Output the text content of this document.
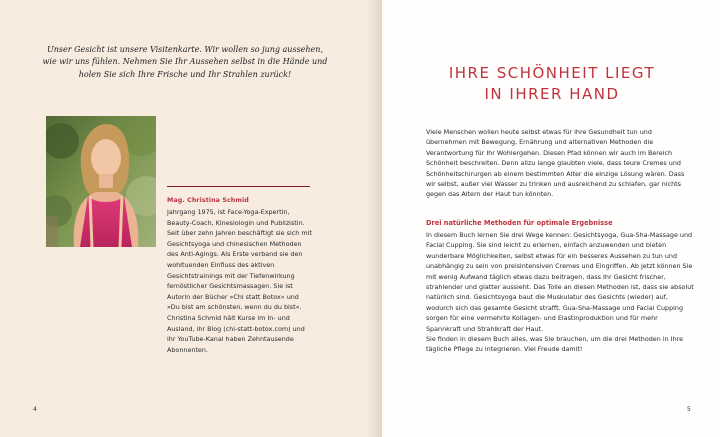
Unser Gesicht ist unsere Visitenkarte. Wir wollen so jung aussehen, wie wir uns fühlen. Nehmen Sie Ihr Aussehen selbst in die Hände und holen Sie sich Ihre Frische und Ihr Strahlen zurück!

Mag. Christina Schmid

Jahrgang 1975, ist Face-Yoga-Expertin, Beauty-Coach, Kinesiologin und Publizistin. Seit über zehn Jahren beschäftigt sie sich mit Gesichtsyoga und chinesischen Methoden des Anti-Agings. Als Erste verband sie den wohltuenden Einfluss des aktiven Gesichtstrainings mit der Tiefenwirkung fernöstlicher Gesichtsmassagen. Sie ist Autorin der Bücher »Chi statt Botox« und »Du bist am schönsten, wenn du du bist«. Christina Schmid hält Kurse im In- und Ausland, ihr Blog (chi-statt-botox.com) und ihr YouTube-Kanal haben Zehntausende Abonnenten.

4

IHRE SCHÖNHEIT LIEGT
IN IHRER HAND

Viele Menschen wollen heute selbst etwas für ihre Gesundheit tun und übernehmen mit Bewegung, Ernährung und alternativen Methoden die Verantwortung für Ihr Wohlergehen. Diesen Pfad können wir auch im Bereich Schönheit beschreiten. Denn allzu lange glaubten viele, dass teure Cremes und Schönheitschirurgen ab einem bestimmten Alter die einzige Lösung wären. Dass wir selbst, außer viel Wasser zu trinken und ausreichend zu schlafen, gar nichts gegen das Altern der Haut tun könnten.

Drei natürliche Methoden für optimale Ergebnisse

In diesem Buch lernen Sie drei Wege kennen: Gesichtsyoga, Gua-Sha-Massage und Facial Cupping. Sie sind leicht zu erlernen, einfach anzuwenden und bieten wunderbare Möglichkeiten, selbst etwas für ein besseres Aussehen zu tun und unabhängig zu sein von preisintensiven Cremes und Eingriffen. Ab jetzt können Sie mit wenig Aufwand täglich etwas dazu beitragen, dass Ihr Gesicht frischer, strahlender und glatter aussieht. Das Tolle an diesen Methoden ist, dass sie absolut natürlich sind. Gesichtsyoga baut die Muskulatur des Gesichts (wieder) auf, wodurch sich das gesamte Gesicht strafft. Gua-Sha-Massage und Facial Cupping sorgen für eine vermehrte Kollagen- und Elastinproduktion und für mehr Spannkraft und Strahlkraft der Haut.
Sie finden in diesem Buch alles, was Sie brauchen, um die drei Methoden in Ihre tägliche Pflege zu integrieren. Viel Freude damit!

5
